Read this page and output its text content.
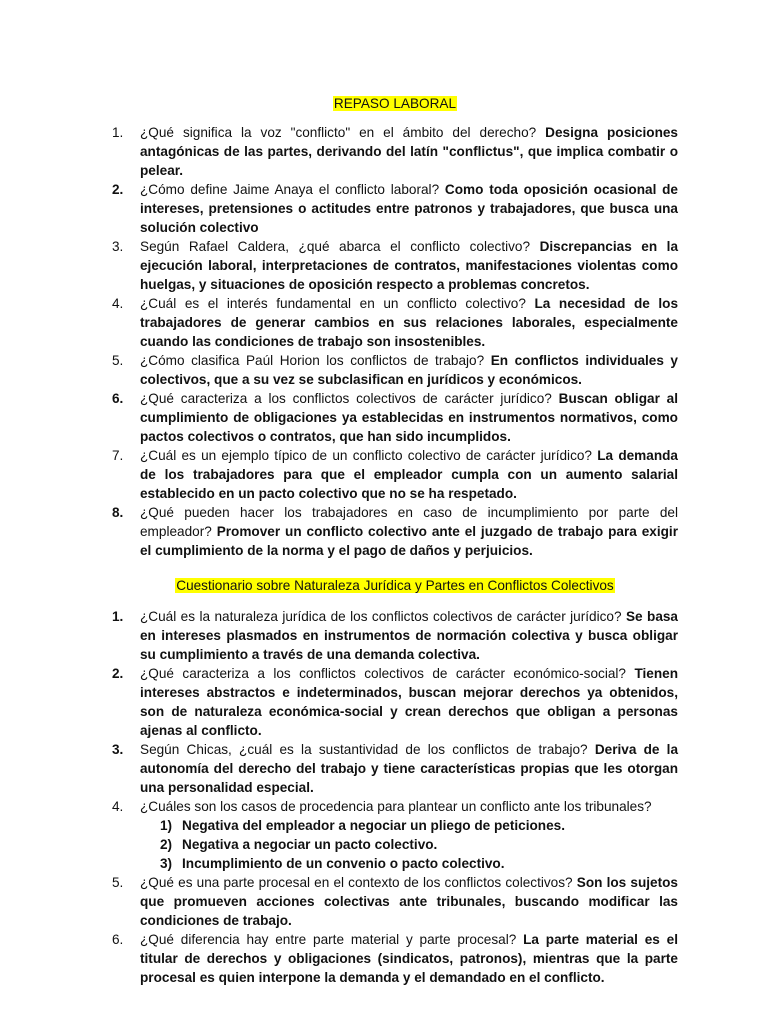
REPASO LABORAL
1.	¿Qué significa la voz "conflicto" en el ámbito del derecho? Designa posiciones antagónicas de las partes, derivando del latín "conflictus", que implica combatir o pelear.
2.	¿Cómo define Jaime Anaya el conflicto laboral? Como toda oposición ocasional de intereses, pretensiones o actitudes entre patronos y trabajadores, que busca una solución colectivo
3.	Según Rafael Caldera, ¿qué abarca el conflicto colectivo? Discrepancias en la ejecución laboral, interpretaciones de contratos, manifestaciones violentas como huelgas, y situaciones de oposición respecto a problemas concretos.
4.	¿Cuál es el interés fundamental en un conflicto colectivo? La necesidad de los trabajadores de generar cambios en sus relaciones laborales, especialmente cuando las condiciones de trabajo son insostenibles.
5.	¿Cómo clasifica Paúl Horion los conflictos de trabajo? En conflictos individuales y colectivos, que a su vez se subclasifican en jurídicos y económicos.
6.	¿Qué caracteriza a los conflictos colectivos de carácter jurídico? Buscan obligar al cumplimiento de obligaciones ya establecidas en instrumentos normativos, como pactos colectivos o contratos, que han sido incumplidos.
7.	¿Cuál es un ejemplo típico de un conflicto colectivo de carácter jurídico? La demanda de los trabajadores para que el empleador cumpla con un aumento salarial establecido en un pacto colectivo que no se ha respetado.
8.	¿Qué pueden hacer los trabajadores en caso de incumplimiento por parte del empleador? Promover un conflicto colectivo ante el juzgado de trabajo para exigir el cumplimiento de la norma y el pago de daños y perjuicios.
Cuestionario sobre Naturaleza Jurídica y Partes en Conflictos Colectivos
1.	¿Cuál es la naturaleza jurídica de los conflictos colectivos de carácter jurídico? Se basa en intereses plasmados en instrumentos de normación colectiva y busca obligar su cumplimiento a través de una demanda colectiva.
2.	¿Qué caracteriza a los conflictos colectivos de carácter económico-social? Tienen intereses abstractos e indeterminados, buscan mejorar derechos ya obtenidos, son de naturaleza económica-social y crean derechos que obligan a personas ajenas al conflicto.
3.	Según Chicas, ¿cuál es la sustantividad de los conflictos de trabajo? Deriva de la autonomía del derecho del trabajo y tiene características propias que les otorgan una personalidad especial.
4.	¿Cuáles son los casos de procedencia para plantear un conflicto ante los tribunales?
1) Negativa del empleador a negociar un pliego de peticiones.
2) Negativa a negociar un pacto colectivo.
3) Incumplimiento de un convenio o pacto colectivo.
5.	¿Qué es una parte procesal en el contexto de los conflictos colectivos? Son los sujetos que promueven acciones colectivas ante tribunales, buscando modificar las condiciones de trabajo.
6.	¿Qué diferencia hay entre parte material y parte procesal? La parte material es el titular de derechos y obligaciones (sindicatos, patronos), mientras que la parte procesal es quien interpone la demanda y el demandado en el conflicto.
